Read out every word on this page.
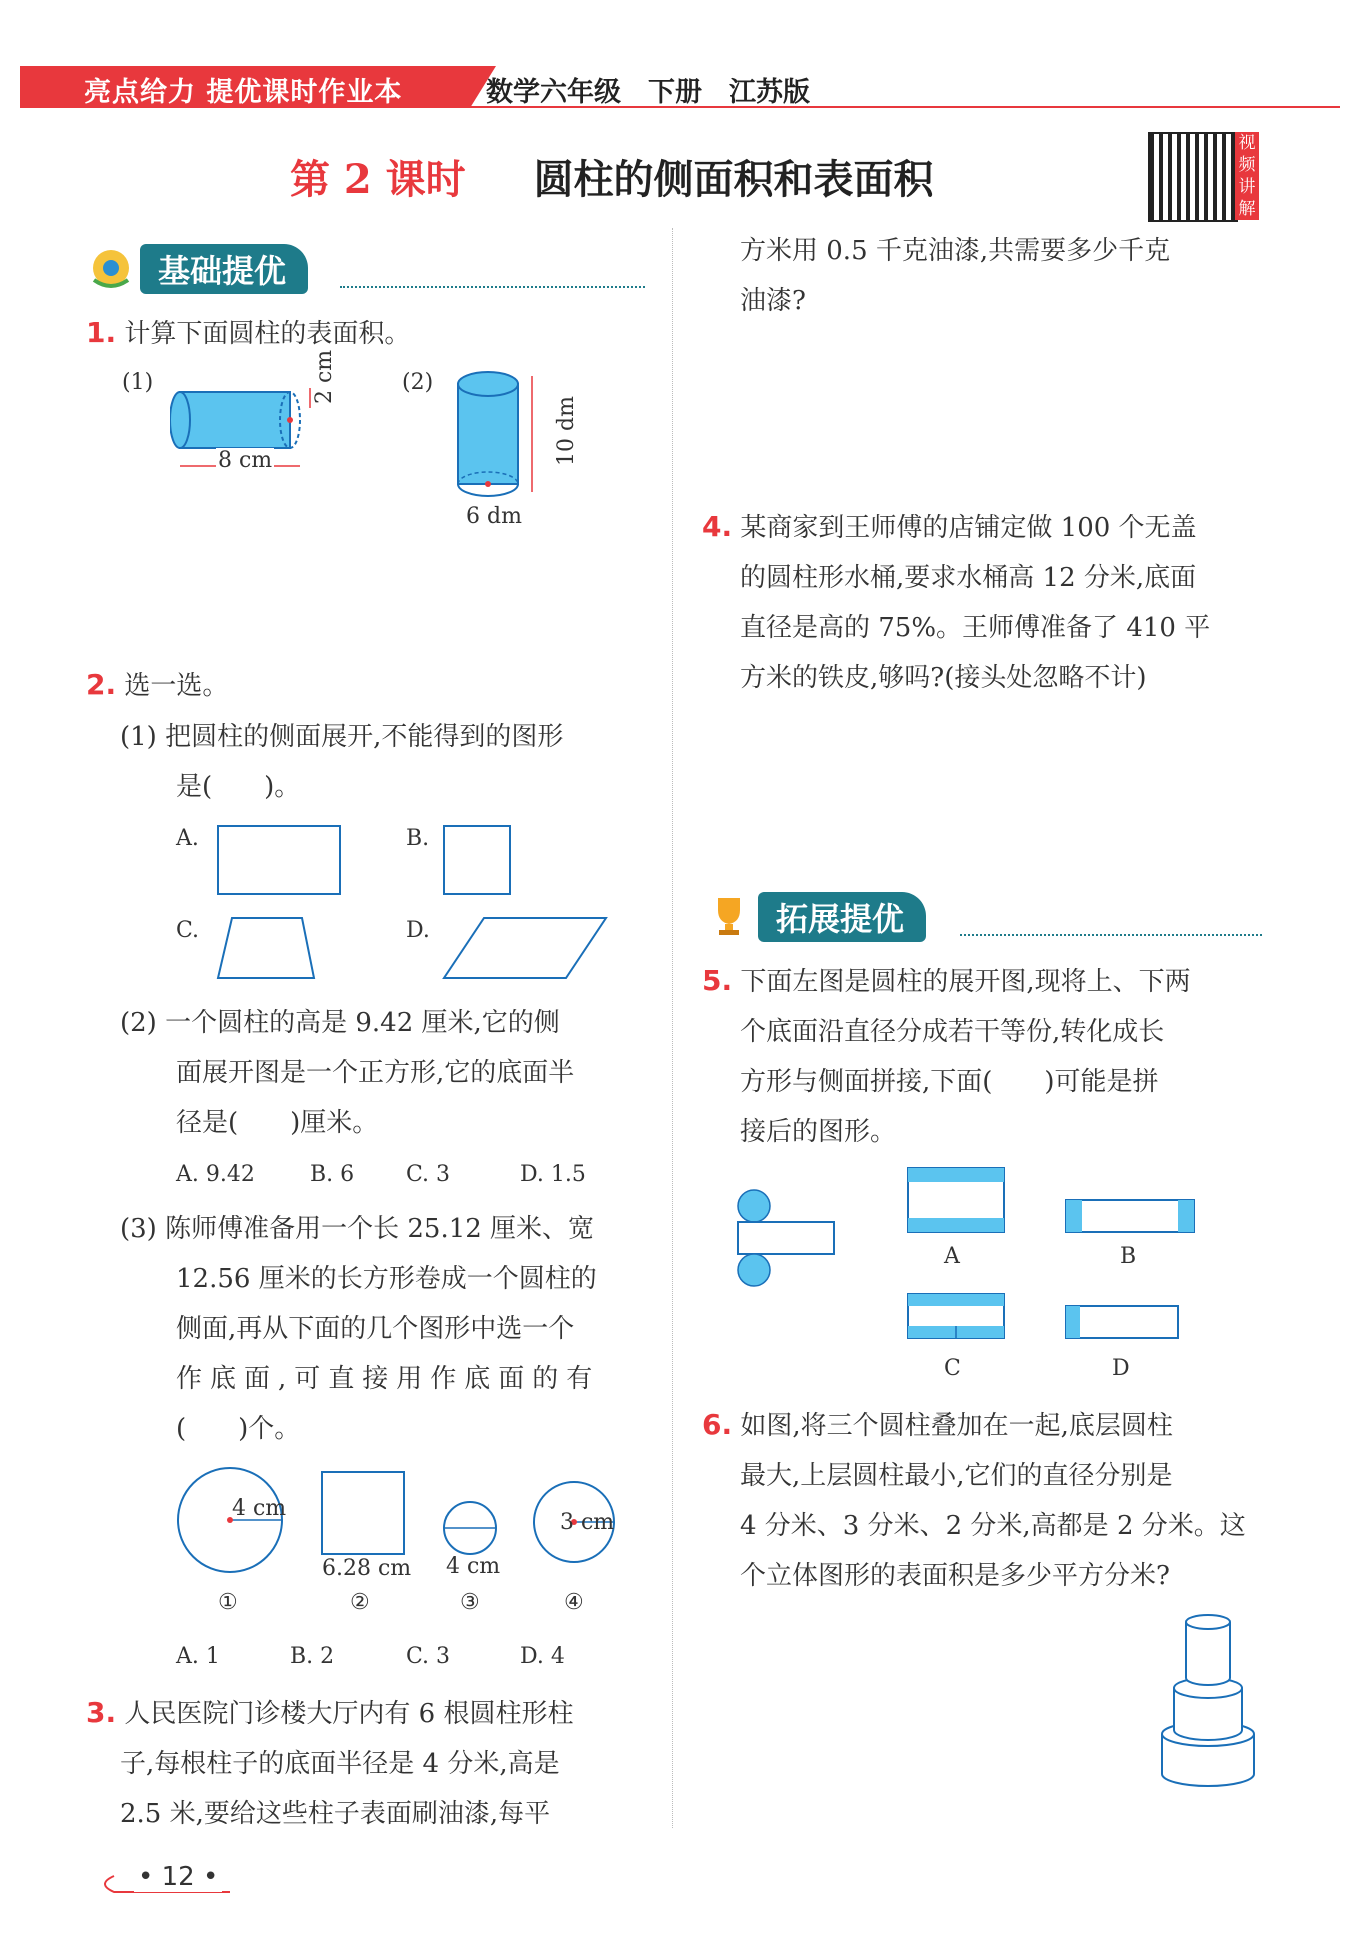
亮点给力 提优课时作业本	数学六年级　下册　江苏版
第 2 课时 圆柱的侧面积和表面积
视频讲解
基础提优
1. 计算下面圆柱的表面积。
(1)	(2)
8 cm
2 cm
10 dm
6 dm
2. 选一选。
(1) 把圆柱的侧面展开,不能得到的图形
是(　　)。
A.	B.
C.	D.
(2) 一个圆柱的高是 9.42 厘米,它的侧
面展开图是一个正方形,它的底面半
径是(　　)厘米。
A. 9.42	B. 6 C. 3	D. 1.5
(3) 陈师傅准备用一个长 25.12 厘米、宽
12.56 厘米的长方形卷成一个圆柱的
侧面,再从下面的几个图形中选一个
作底面,可直接用作底面的有
(　　)个。
4 cm
6.28 cm 4 cm
3 cm
①	②	③	④
A. 1	B. 2	C. 3	D. 4
3. 人民医院门诊楼大厅内有 6 根圆柱形柱
子,每根柱子的底面半径是 4 分米,高是
2.5 米,要给这些柱子表面刷油漆,每平
方米用 0.5 千克油漆,共需要多少千克
油漆?
4. 某商家到王师傅的店铺定做 100 个无盖
的圆柱形水桶,要求水桶高 12 分米,底面
直径是高的 75%。王师傅准备了 410 平
方米的铁皮,够吗?(接头处忽略不计)
拓展提优
5. 下面左图是圆柱的展开图,现将上、下两
个底面沿直径分成若干等份,转化成长
方形与侧面拼接,下面(　　)可能是拼
接后的图形。
A	B
C	D
6. 如图,将三个圆柱叠加在一起,底层圆柱
最大,上层圆柱最小,它们的直径分别是
4 分米、3 分米、2 分米,高都是 2 分米。这
个立体图形的表面积是多少平方分米?
• 12 •
